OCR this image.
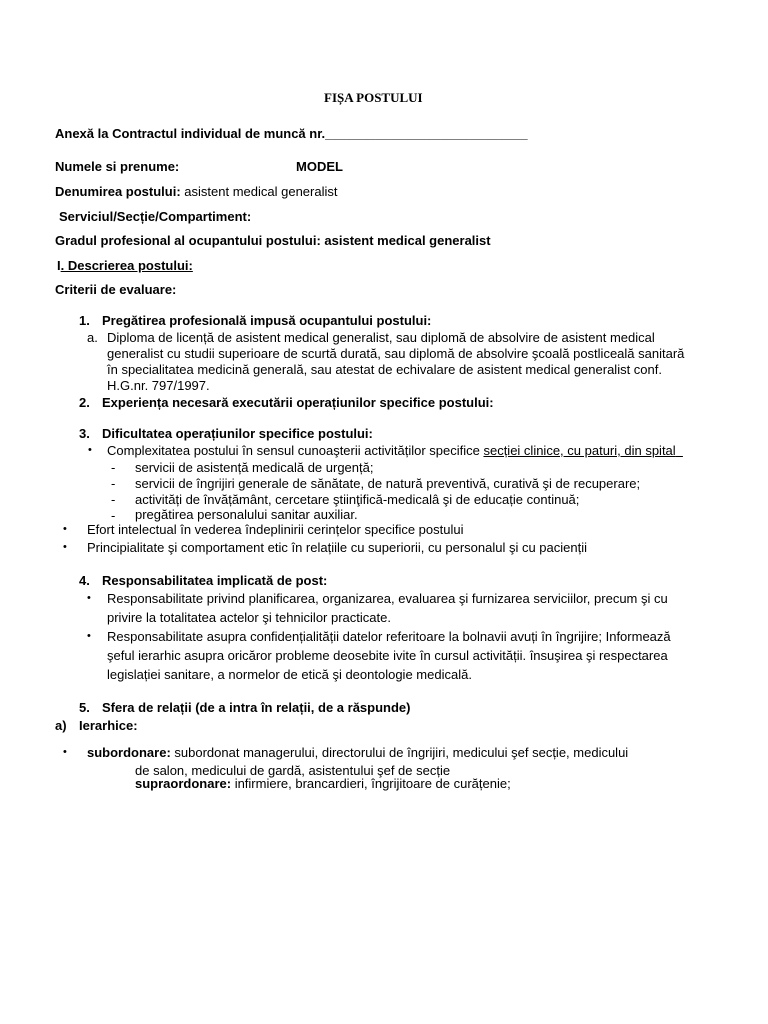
FIȘA POSTULUI
Anexă la Contractul individual de muncă nr.____________________________
Numele si prenume:	MODEL
Denumirea postului: asistent medical generalist
Serviciul/Secție/Compartiment:
Gradul profesional al ocupantului postului: asistent medical generalist
I. Descrierea postului:
Criterii de evaluare:
1. Pregătirea profesională impusă ocupantului postului:
a. Diploma de licență de asistent medical generalist, sau diplomă de absolvire de asistent medical
generalist cu studii superioare de scurtă durată, sau diplomă de absolvire şcoală postliceală sanitară
în specialitatea medicină generală, sau atestat de echivalare de asistent medical generalist conf.
H.G.nr. 797/1997.
2. Experiența necesară executării operațiunilor specifice postului:
3. Dificultatea operațiunilor specifice postului:
• Complexitatea postului în sensul cunoaşterii activităților specifice secției clinice, cu paturi, din spital
- servicii de asistență medicală de urgență;
- servicii de îngrijiri generale de sănătate, de natură preventivă, curativă şi de recuperare;
- activități de învățământ, cercetare ştiinţifică-medicalâ şi de educație continuă;
- pregătirea personalului sanitar auxiliar.
• Efort intelectual în vederea îndeplinirii cerințelor specifice postului
• Principialitate şi comportament etic în relațiile cu superiorii, cu personalul şi cu pacienții
4. Responsabilitatea implicată de post:
• Responsabilitate privind planificarea, organizarea, evaluarea şi furnizarea serviciilor, precum şi cu
privire la totalitatea actelor şi tehnicilor practicate.
• Responsabilitate asupra confidențialității datelor referitoare la bolnavii avuți în îngrijire; Informează
şeful ierarhic asupra oricăror probleme deosebite ivite în cursul activității. însuşirea şi respectarea
legislației sanitare, a normelor de etică şi deontologie medicală.
5. Sfera de relații (de a intra în relații, de a răspunde)
a) Ierarhice:
• subordonare: subordonat managerului, directorului de îngrijiri, medicului şef secție, medicului
de salon, medicului de gardă, asistentului şef de secție
supraordonare: infirmiere, brancardieri, îngrijitoare de curățenie;
